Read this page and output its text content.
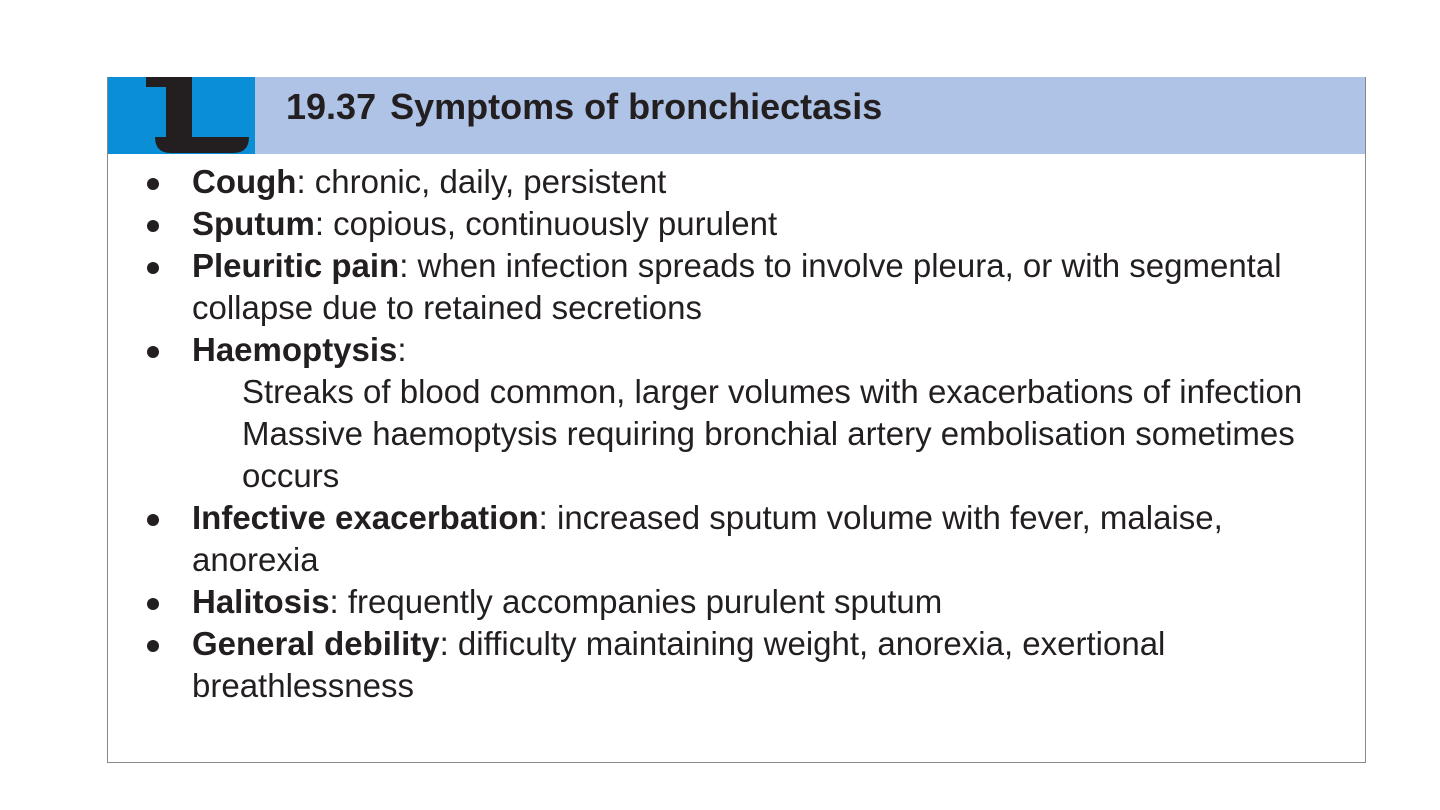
19.37 Symptoms of bronchiectasis
Cough: chronic, daily, persistent
Sputum: copious, continuously purulent
Pleuritic pain: when infection spreads to involve pleura, or with segmental collapse due to retained secretions
Haemoptysis:
Streaks of blood common, larger volumes with exacerbations of infection
Massive haemoptysis requiring bronchial artery embolisation sometimes occurs
Infective exacerbation: increased sputum volume with fever, malaise, anorexia
Halitosis: frequently accompanies purulent sputum
General debility: difficulty maintaining weight, anorexia, exertional breathlessness
